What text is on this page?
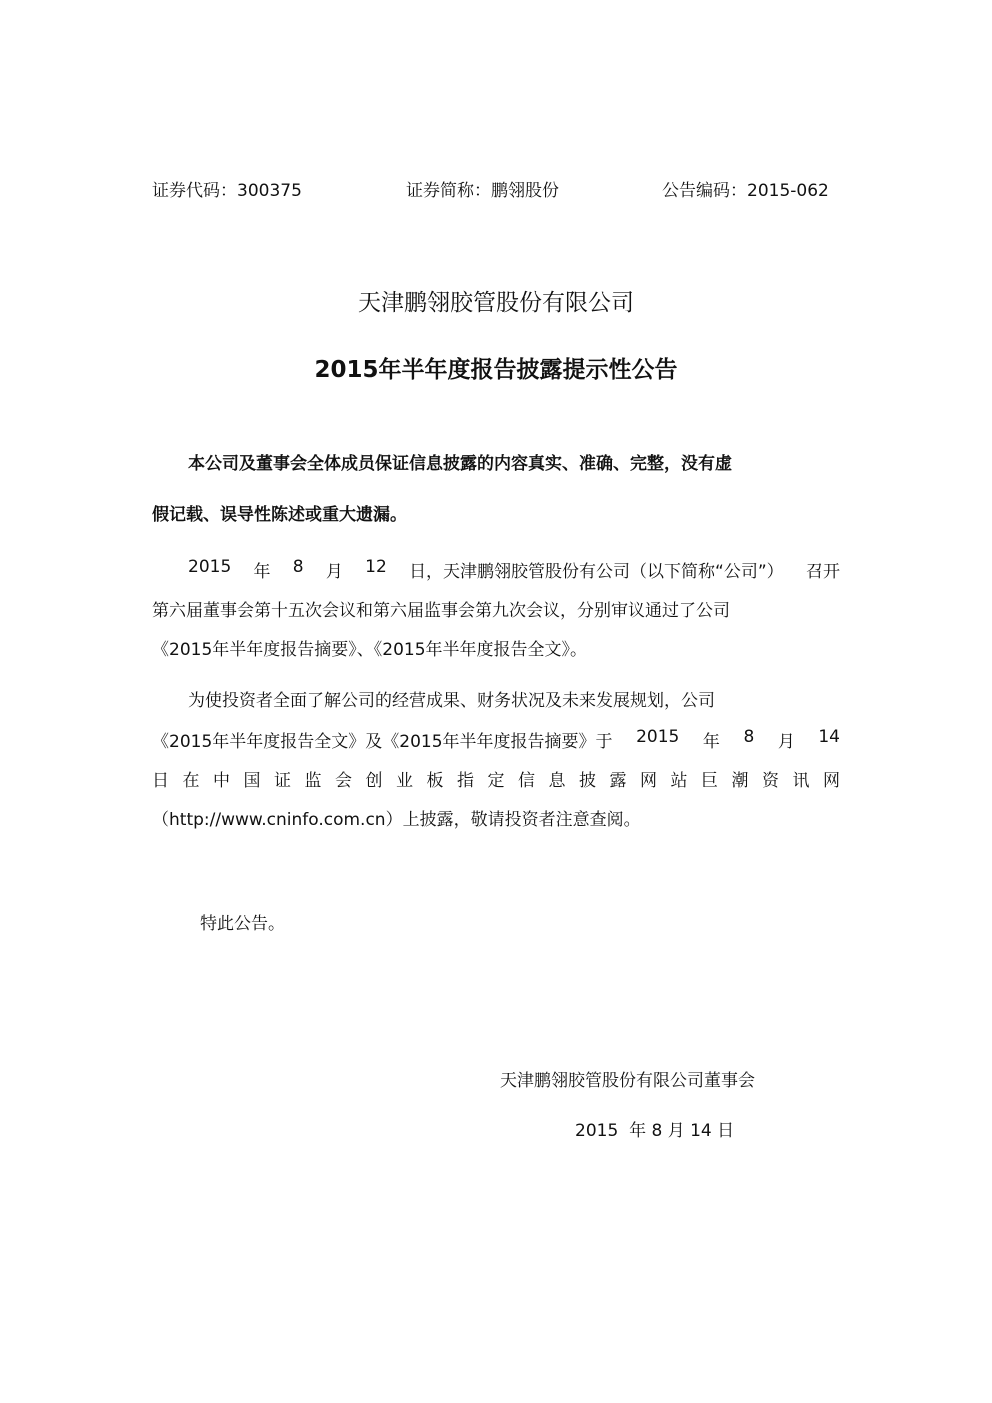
证券代码：300375	证券简称：鹏翎股份	公告编码：2015-062
天津鹏翎胶管股份有限公司
2015年半年度报告披露提示性公告
本公司及董事会全体成员保证信息披露的内容真实、准确、完整，没有虚
假记载、误导性陈述或重大遗漏。
2015 年 8 月 12 日，天津鹏翎胶管股份有公司（以下简称“公司”） 召开
第六届董事会第十五次会议和第六届监事会第九次会议，分别审议通过了公司
《2015年半年度报告摘要》、《2015年半年度报告全文》。
为使投资者全面了解公司的经营成果、财务状况及未来发展规划，公司
《2015年半年度报告全文》及《2015年半年度报告摘要》于 2015 年 8 月 14
日 在 中 国 证 监 会 创 业 板 指 定 信 息 披 露 网 站 巨 潮 资 讯 网
（http://www.cninfo.com.cn）上披露，敬请投资者注意查阅。
特此公告。
天津鹏翎胶管股份有限公司董事会
2015  年 8 月 14 日
